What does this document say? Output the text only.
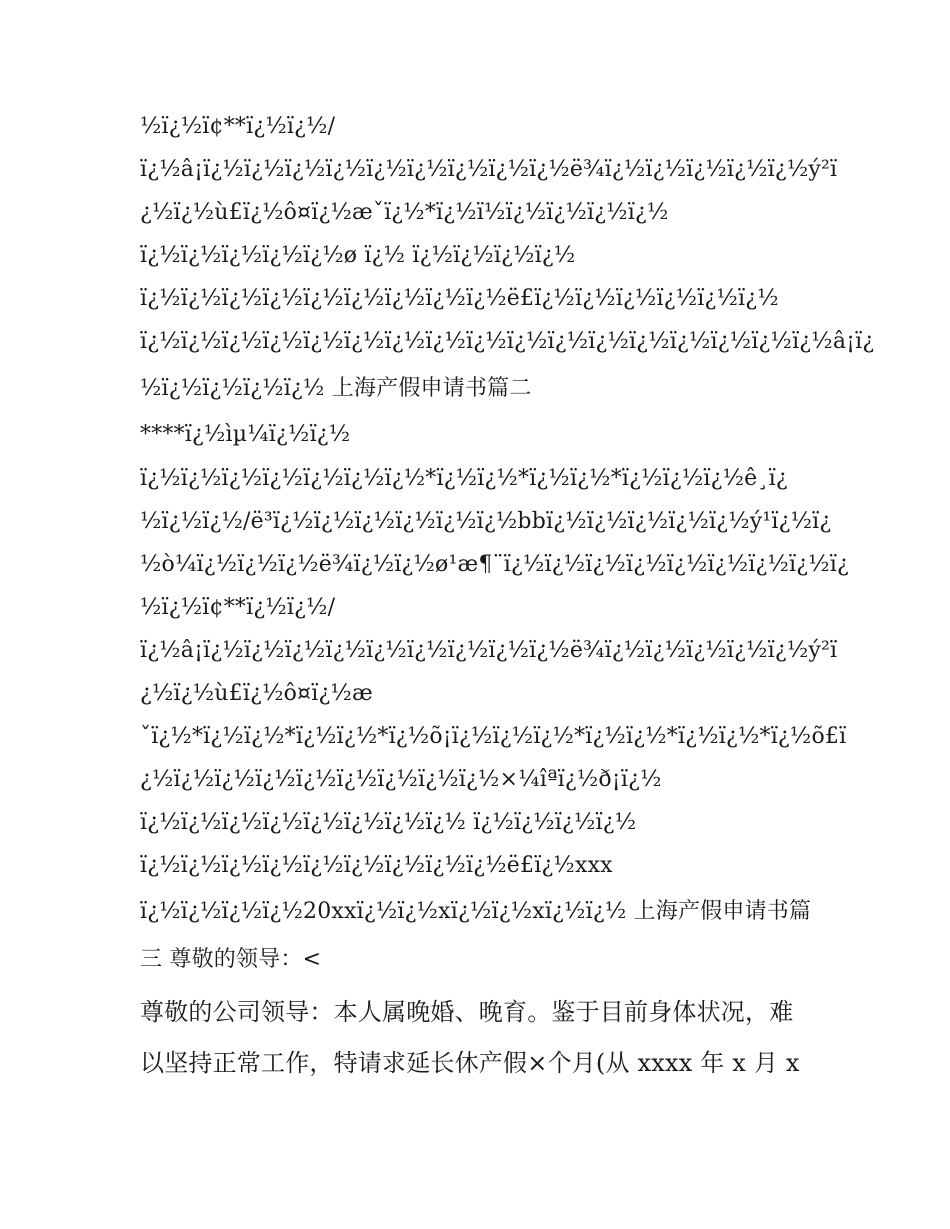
½ï¿½ï¢**ï¿½ï¿½/
ï¿½â¡ï¿½ï¿½ï¿½ï¿½ï¿½ï¿½ï¿½ï¿½ï¿½ë¾ï¿½ï¿½ï¿½ï¿½ï¿½ý²ï
¿½ï¿½ù£ï¿½ô¤ï¿½æˇï¿½*ï¿½ï½ï¿½ï¿½ï¿½ï¿½
ï¿½ï¿½ï¿½ï¿½ï¿½ø ï¿½ ï¿½ï¿½ï¿½ï¿½
ï¿½ï¿½ï¿½ï¿½ï¿½ï¿½ï¿½ï¿½ï¿½ë£ï¿½ï¿½ï¿½ï¿½ï¿½ï¿½
ï¿½ï¿½ï¿½ï¿½ï¿½ï¿½ï¿½ï¿½ï¿½ï¿½ï¿½ï¿½ï¿½ï¿½ï¿½ï¿½ï¿½â¡ï¿
½ï¿½ï¿½ï¿½ï¿½ 上海产假申请书篇二
****ï¿½ìµ¼ï¿½ï¿½
ï¿½ï¿½ï¿½ï¿½ï¿½ï¿½ï¿½*ï¿½ï¿½*ï¿½ï¿½*ï¿½ï¿½ï¿½ê¸ï¿
½ï¿½ï¿½/ë³ï¿½ï¿½ï¿½ï¿½ï¿½ï¿½bbï¿½ï¿½ï¿½ï¿½ï¿½ý¹ï¿½ï¿
½ò¼ï¿½ï¿½ï¿½ë¾ï¿½ï¿½ø¹æ¶¨ï¿½ï¿½ï¿½ï¿½ï¿½ï¿½ï¿½ï¿½ï¿
½ï¿½ï¢**ï¿½ï¿½/
ï¿½â¡ï¿½ï¿½ï¿½ï¿½ï¿½ï¿½ï¿½ï¿½ï¿½ë¾ï¿½ï¿½ï¿½ï¿½ï¿½ý²ï
¿½ï¿½ù£ï¿½ô¤ï¿½æ
ˇï¿½*ï¿½ï¿½*ï¿½ï¿½*ï¿½õ¡ï¿½ï¿½ï¿½*ï¿½ï¿½*ï¿½ï¿½*ï¿½õ£ï
¿½ï¿½ï¿½ï¿½ï¿½ï¿½ï¿½ï¿½ï¿½×¼îªï¿½ð¡ï¿½
ï¿½ï¿½ï¿½ï¿½ï¿½ï¿½ï¿½ï¿½ ï¿½ï¿½ï¿½ï¿½
ï¿½ï¿½ï¿½ï¿½ï¿½ï¿½ï¿½ï¿½ï¿½ë£ï¿½xxx
ï¿½ï¿½ï¿½ï¿½20xxï¿½ï¿½xï¿½ï¿½xï¿½ï¿½ 上海产假申请书篇
三 尊敬的领导：<
尊敬的公司领导：本人属晚婚、晚育。鉴于目前身体状况，难
以坚持正常工作，特请求延长休产假×个月(从 xxxx 年 x 月 x
